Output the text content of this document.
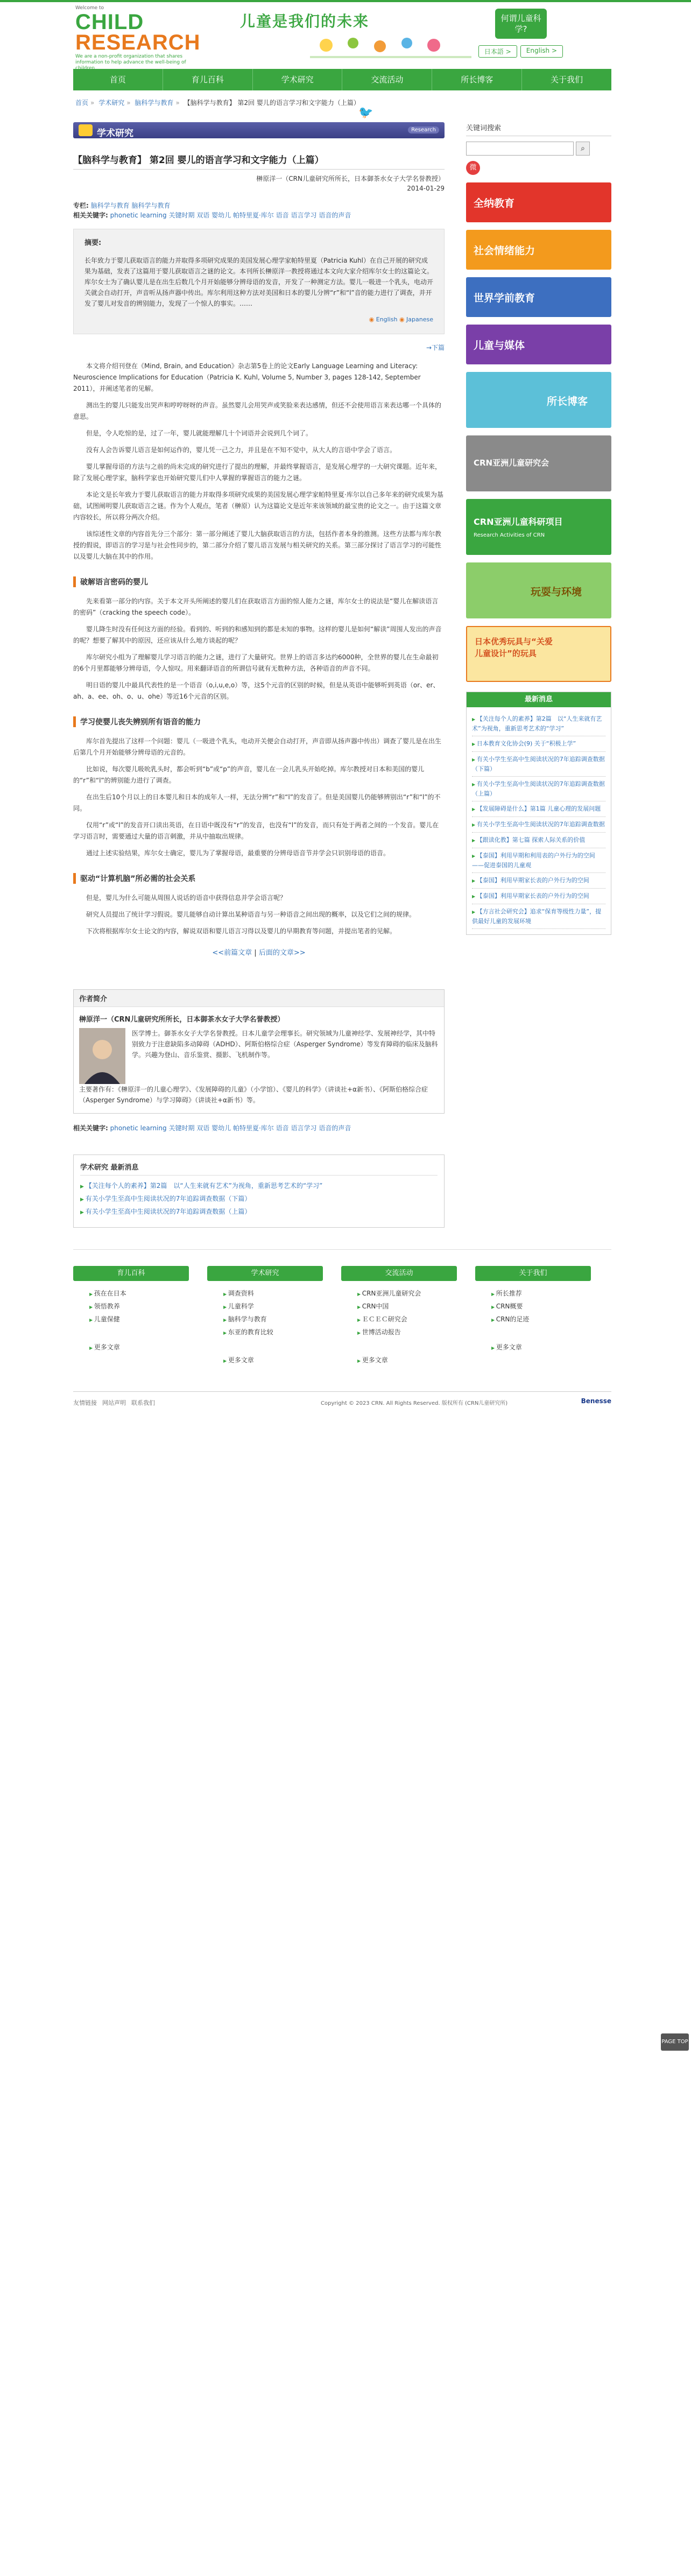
Welcome to
CHILD
RESEARCH
We are a non-profit organization that shares information to help advance the well-being of children
儿童是我们的未来	何谓儿童科学?
日本語 >	English >
首页	育儿百科	学术研究	交流活动	所长博客	关于我们
首页 » 学术研究 » 脑科学与教育 » 【脑科学与教育】 第2回 婴儿的语言学习和文字能力（上篇）
🐦
学术研究	Research
【脑科学与教育】 第2回 婴儿的语言学习和文字能力（上篇）
榊原洋一（CRN儿童研究所所长，日本御茶水女子大学名誉教授）
2014-01-29
专栏: 脑科学与教育 脑科学与教育
相关关键字: phonetic learning 关键时期 双语 婴幼儿 帕特里夏·库尔 语音 语言学习 语音的声音
摘要:
长年致力于婴儿获取语言的能力并取得多项研究成果的美国发展心理学家帕特里夏（Patricia Kuhl）在自己开展的研究成果为基础，发表了这篇用于婴儿获取语言之谜的论文。本刊所长榊原洋一教授将通过本文向大家介绍库尔女士的这篇论文。库尔女士为了确认婴儿是在出生后数几个月开始能够分辨母语的发音，开发了一种测定方法。婴儿一吸进一个乳头，电动开关就会自动打开，声音听从扬声器中传出。库尔利用这种方法对美国和日本的婴儿分辨“r”和“l”音的能力进行了调查，并开发了婴儿对发音的辨别能力，发现了一个惊人的事实。……
◉ English ◉ Japanese
→下篇

本文将介绍刊登在《Mind, Brain, and Education》杂志第5卷上的论文Early Language Learning and Literacy: Neuroscience Implications for Education（Patricia K. Kuhl, Volume 5, Number 3, pages 128-142, September 2011），并阐述笔者的见解。

测出生的婴儿只能发出哭声和哼哼呀呀的声音。虽然婴儿会用哭声或笑脸来表达感情，但还不会使用语言来表达哪一个具体的意思。

但是，令人吃惊的是，过了一年，婴儿就能理解几十个词语并会说到几个词了。

没有人会告诉婴儿语言是如何运作的，婴儿凭一己之力，并且是在不知不觉中，从大人的言语中学会了语言。

婴儿掌握母语的方法与之前的尚未完成的研究进行了提出的理解，并最终掌握语言，是发展心理学的一大研究课题。近年来，除了发展心理学家，脑科学家也开始研究婴儿们中人掌握的掌握语言的能力之谜。

本论文是长年致力于婴儿获取语言的能力并取得多项研究成果的美国发展心理学家帕特里夏·库尔以自己多年来的研究成果为基础，试图阐明婴儿获取语言之谜。作为个人观点，笔者（榊原）认为这篇论文是近年来该领域的最宝贵的论文之一。由于这篇文章内容较长，所以将分两次介绍。

该综述性文章的内容首先分三个部分：第一部分阐述了婴儿大脑获取语言的方法，包括作者本身的推测。这些方法都与库尔教授的假说，即语言的学习是与社会性同步的，第二部分介绍了婴儿语言发展与相关研究的关系。第三部分探讨了语言学习的可能性以及婴儿大脑在其中的作用。

破解语言密码的婴儿

先来看第一部分的内容。关于本文开头所阐述的婴儿们在获取语言方面的惊人能力之谜，库尔女士的说法是“婴儿在解读语言的密码”（cracking the speech code）。

婴儿降生时没有任何这方面的经验。看到的、听到的和感知到的都是未知的事物。这样的婴儿是如何“解读”周围人发出的声音的呢？想要了解其中的原因，还应该从什么地方谈起的呢？

库尔研究小组为了理解婴儿学习语言的能力之谜，进行了大量研究。世界上的语言多达约6000种，全世界的婴儿在生命最初的6个月里都能够分辨母语，令人惊叹。用来翻译语音的所谓信号就有无数种方法，各种语音的声音不同。

明日语的婴儿中最具代表性的是一个语音（o,i,u,e,o）等，这5个元音的区别的时候，但是从英语中能够听到英语（or、er、ah、a、ee、oh、o、u、ohe）等近16个元音的区别。

学习使婴儿丧失辨别所有语音的能力

库尔首先提出了这样一个问题：婴儿（一吸进个乳头，电动开关便会自动打开，声音即从扬声器中传出）调查了婴儿是在出生后第几个月开始能够分辨母语的元音的。

比如说，每次婴儿吸吮乳头时，都会听到“b”或“p”的声音，婴儿在一会儿乳头开始吃掉。库尔教授对日本和美国的婴儿的“r”和“l”的辨别能力进行了调查。

在出生后10个月以上的日本婴儿和日本的成年人一样，无法分辨“r”和“l”的发音了。但是美国婴儿仍能够辨别出“r”和“l”的不同。

仅用“r”或“l”的发音开口读出英语，在日语中既没有“r”的发音，也没有“l”的发音，而只有处于两者之间的一个发音。婴儿在学习语言时，需要通过大量的语言刺激，并从中抽取出规律。

通过上述实验结果，库尔女士确定，婴儿为了掌握母语，最重要的分辨母语音节并学会只识别母语的语音。

驱动“计算机脑”所必需的社会关系

但是，婴儿为什么可能从周围人说话的语音中获得信息并学会语言呢？

研究人员提出了统计学习假说。婴儿能够自动计算出某种语音与另一种语音之间出现的概率，以及它们之间的规律。

下次将根据库尔女士论文的内容，解说双语和婴儿语言习得以及婴儿的早期教育等问题，并提出笔者的见解。

<<前篇文章 | 后面的文章>>
作者简介
榊原洋一（CRN儿童研究所所长，日本御茶水女子大学名誉教授）
医学博士。御茶水女子大学名誉教授。日本儿童学会理事长。研究领域为儿童神经学、发展神经学，其中特别致力于注意缺陷多动障碍（ADHD）、阿斯伯格综合症（Asperger Syndrome）等发育障碍的临床及脑科学。兴趣为登山、音乐鉴赏、摄影、飞机制作等。
主要著作有：《榊原洋一的儿童心理学》、《发展障碍的儿童》（小学馆）、《婴儿的科学》（讲谈社+α新书）、《阿斯伯格综合症（Asperger Syndrome）与学习障碍》（讲谈社+α新书）等。
相关关键字: phonetic learning 关键时期 双语 婴幼儿 帕特里夏·库尔 语音 语言学习 语音的声音
学术研究 最新消息
▶ 【关注每个人的素养】第2篇　以“人生来就有艺术”为视角，重新思考艺术的“学习”
▶ 有关小学生至高中生阅读状况的7年追踪调查数据（下篇）
▶ 有关小学生至高中生阅读状况的7年追踪调查数据（上篇）
关键词搜索
⌕
微
全纳教育
社会情绪能力
世界学前教育
儿童与媒体
所长博客
CRN亚洲儿童研究会
CRN亚洲儿童科研项目
Research Activities of CRN
玩耍与环境
日本优秀玩具与“关爱儿童设计”的玩具
最新消息
▶ 【关注每个人的素养】第2篇　以“人生来就有艺术”为视角，重新思考艺术的“学习”
▶ 日本教育文化协会(9) 关于“积极上学”
▶ 有关小学生至高中生阅读状况的7年追踪调查数据（下篇）
▶ 有关小学生至高中生阅读状况的7年追踪调查数据（上篇）
▶ 【发展障碍是什么】第1篇 儿童心理的发展问题
▶ 有关小学生至高中生阅读状况的7年追踪调查数据
▶ 【跟读化教】第七篇 探索人际关系的价值
▶ 【泰国】利用早期和利用表的户外行为的空间——促进泰国的儿童观
▶ 【泰国】利用早期家长表的户外行为的空间
▶ 【泰国】利用早期家长表的户外行为的空间
▶ 【方言社会研究会】追求“保育等级性力量”，提供最好儿童的发展环境
育儿百科
▶ 孩在在日本
▶ 领悟教养
▶ 儿童保健
▶ 更多文章
学术研究
▶ 调查资料
▶ 儿童科学
▶ 脑科学与教育
▶ 东亚的教育比较
▶ 更多文章
交流活动
▶ CRN亚洲儿童研究会
▶ CRN中国
▶ ＥＣＥＣ研究会
▶ 世博活动报告
▶ 更多文章
关于我们
▶ 所长推荐
▶ CRN概要
▶ CRN的足迹
▶ 更多文章
友情链接 网站声明 联系我们	Copyright © 2023 CRN. All Rights Reserved. 版权所有 (CRN儿童研究所)	Benesse
PAGE TOP
